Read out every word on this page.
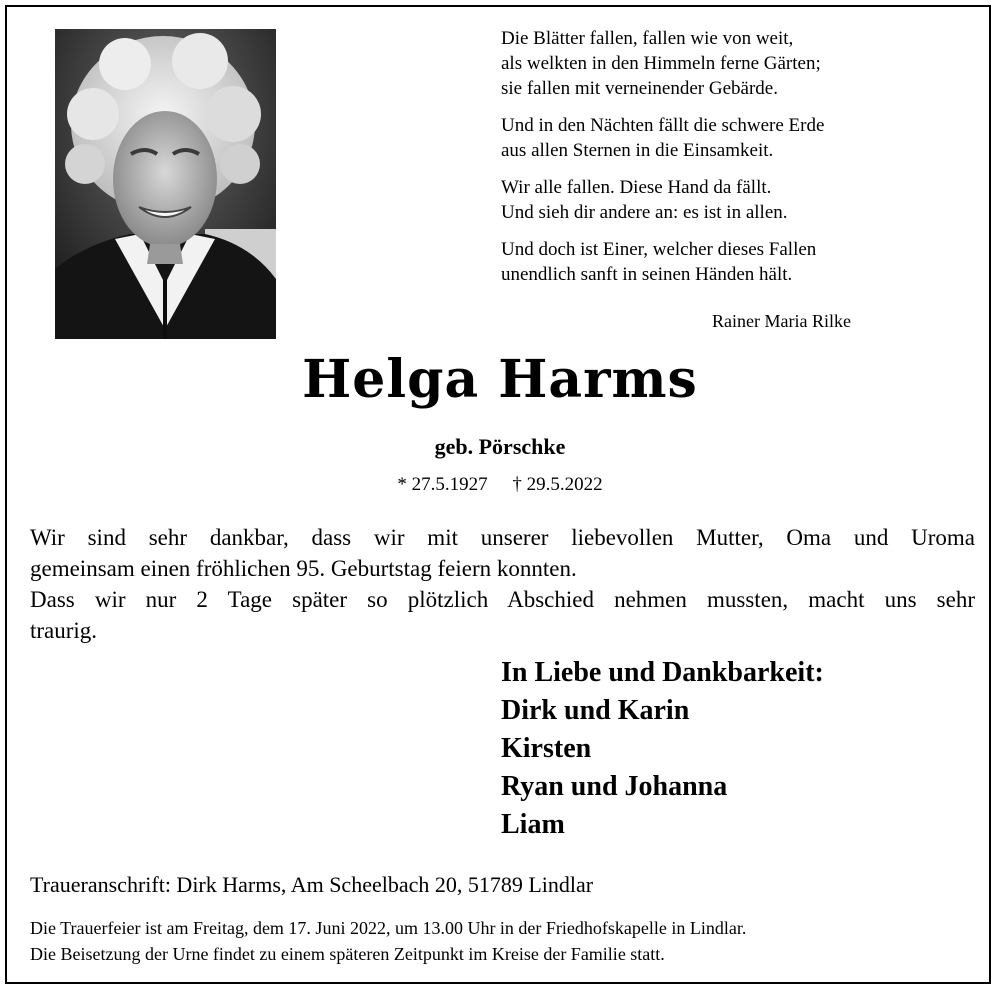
Die Blätter fallen, fallen wie von weit,
als welkten in den Himmeln ferne Gärten;
sie fallen mit verneinender Gebärde.
Und in den Nächten fällt die schwere Erde
aus allen Sternen in die Einsamkeit.
Wir alle fallen. Diese Hand da fällt.
Und sieh dir andere an: es ist in allen.
Und doch ist Einer, welcher dieses Fallen
unendlich sanft in seinen Händen hält.
Rainer Maria Rilke
Helga Harms
geb. Pörschke
* 27.5.1927 † 29.5.2022
Wir sind sehr dankbar, dass wir mit unserer liebevollen Mutter, Oma und Uroma
gemeinsam einen fröhlichen 95. Geburtstag feiern konnten.
Dass wir nur 2 Tage später so plötzlich Abschied nehmen mussten, macht uns sehr
traurig.
In Liebe und Dankbarkeit:
Dirk und Karin
Kirsten
Ryan und Johanna
Liam
Traueranschrift: Dirk Harms, Am Scheelbach 20, 51789 Lindlar
Die Trauerfeier ist am Freitag, dem 17. Juni 2022, um 13.00 Uhr in der Friedhofskapelle in Lindlar.
Die Beisetzung der Urne findet zu einem späteren Zeitpunkt im Kreise der Familie statt.
